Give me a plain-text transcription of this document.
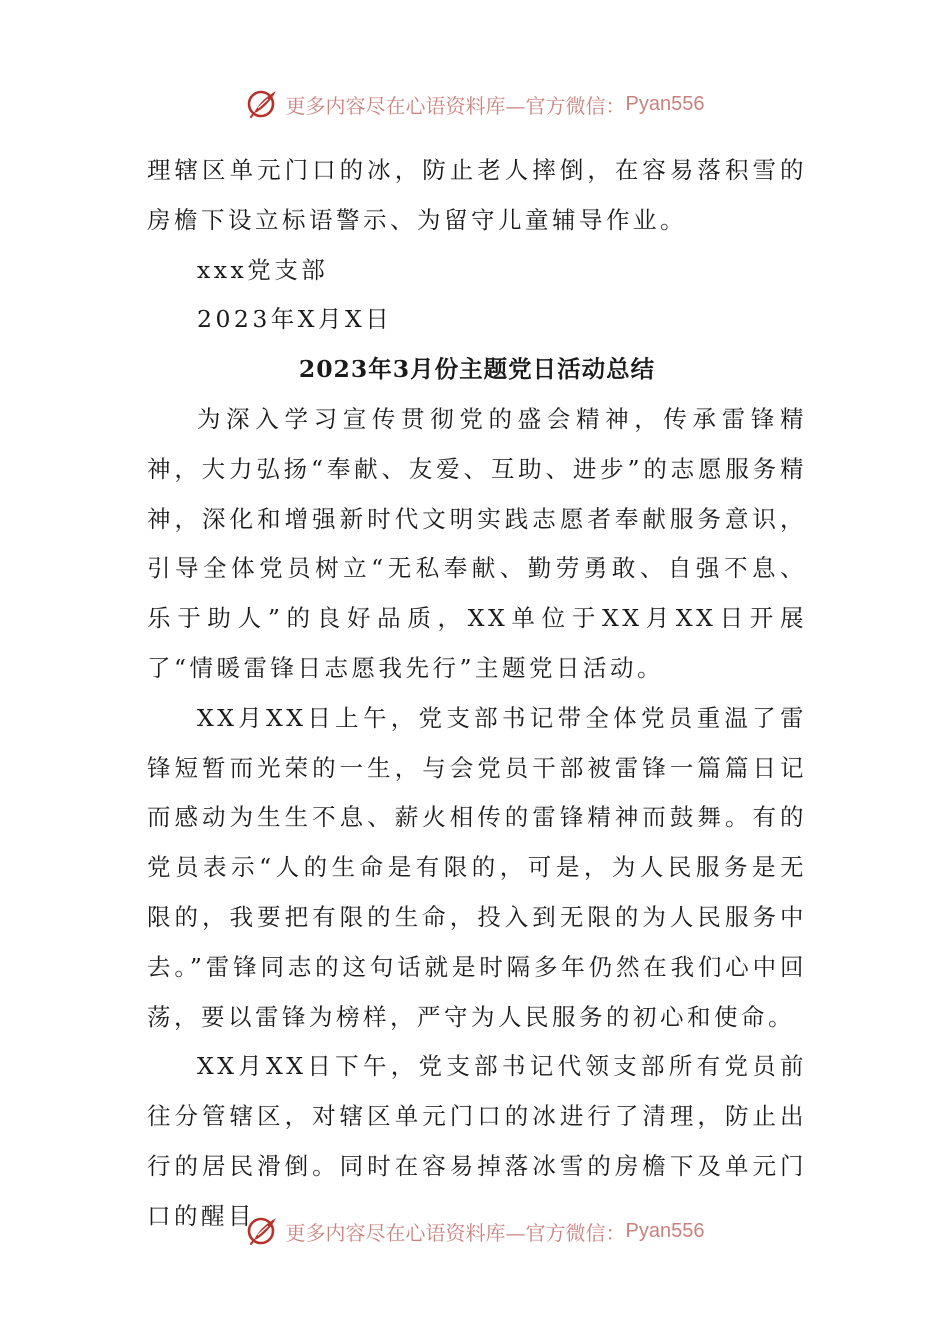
更多内容尽在心语资料库—官方微信： Pyan556

理辖区单元门口的冰，防止老人摔倒，在容易落积雪的房檐下设立标语警示、为留守儿童辅导作业。

xxx党支部

2023年X月X日

2023年3月份主题党日活动总结

为深入学习宣传贯彻党的盛会精神，传承雷锋精神，大力弘扬“奉献、友爱、互助、进步”的志愿服务精神，深化和增强新时代文明实践志愿者奉献服务意识，引导全体党员树立“无私奉献、勤劳勇敢、自强不息、乐于助人”的良好品质，XX单位于XX月XX日开展了“情暖雷锋日志愿我先行”主题党日活动。

XX月XX日上午，党支部书记带全体党员重温了雷锋短暂而光荣的一生，与会党员干部被雷锋一篇篇日记而感动为生生不息、薪火相传的雷锋精神而鼓舞。有的党员表示“人的生命是有限的，可是，为人民服务是无限的，我要把有限的生命，投入到无限的为人民服务中去。”雷锋同志的这句话就是时隔多年仍然在我们心中回荡，要以雷锋为榜样，严守为人民服务的初心和使命。

XX月XX日下午，党支部书记代领支部所有党员前往分管辖区，对辖区单元门口的冰进行了清理，防止出行的居民滑倒。同时在容易掉落冰雪的房檐下及单元门口的醒目

更多内容尽在心语资料库—官方微信： Pyan556
